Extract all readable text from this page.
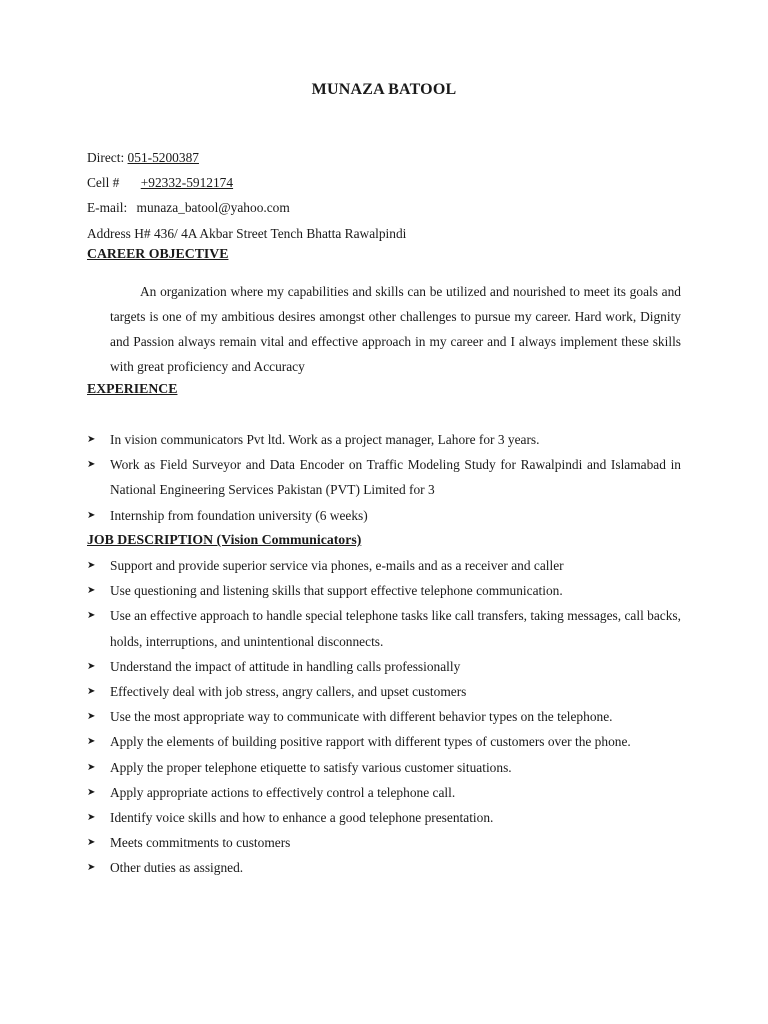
MUNAZA BATOOL
Direct: 051-5200387
Cell # +92332-5912174
E-mail: munaza_batool@yahoo.com
Address H# 436/ 4A Akbar Street Tench Bhatta Rawalpindi
CAREER OBJECTIVE
An organization where my capabilities and skills can be utilized and nourished to meet its goals and targets is one of my ambitious desires amongst other challenges to pursue my career. Hard work, Dignity and Passion always remain vital and effective approach in my career and I always implement these skills with great proficiency and Accuracy
EXPERIENCE
➤	In vision communicators Pvt ltd. Work as a project manager, Lahore for 3 years.
➤	Work as Field Surveyor and Data Encoder on Traffic Modeling Study for Rawalpindi and Islamabad in National Engineering Services Pakistan (PVT) Limited for 3
➤	Internship from foundation university (6 weeks)
JOB DESCRIPTION (Vision Communicators)
➤	Support and provide superior service via phones, e-mails and as a receiver and caller
➤	Use questioning and listening skills that support effective telephone communication.
➤	Use an effective approach to handle special telephone tasks like call transfers, taking messages, call backs, holds, interruptions, and unintentional disconnects.
➤	Understand the impact of attitude in handling calls professionally
➤	Effectively deal with job stress, angry callers, and upset customers
➤	Use the most appropriate way to communicate with different behavior types on the telephone.
➤	Apply the elements of building positive rapport with different types of customers over the phone.
➤	Apply the proper telephone etiquette to satisfy various customer situations.
➤	Apply appropriate actions to effectively control a telephone call.
➤	Identify voice skills and how to enhance a good telephone presentation.
➤	Meets commitments to customers
➤	Other duties as assigned.
